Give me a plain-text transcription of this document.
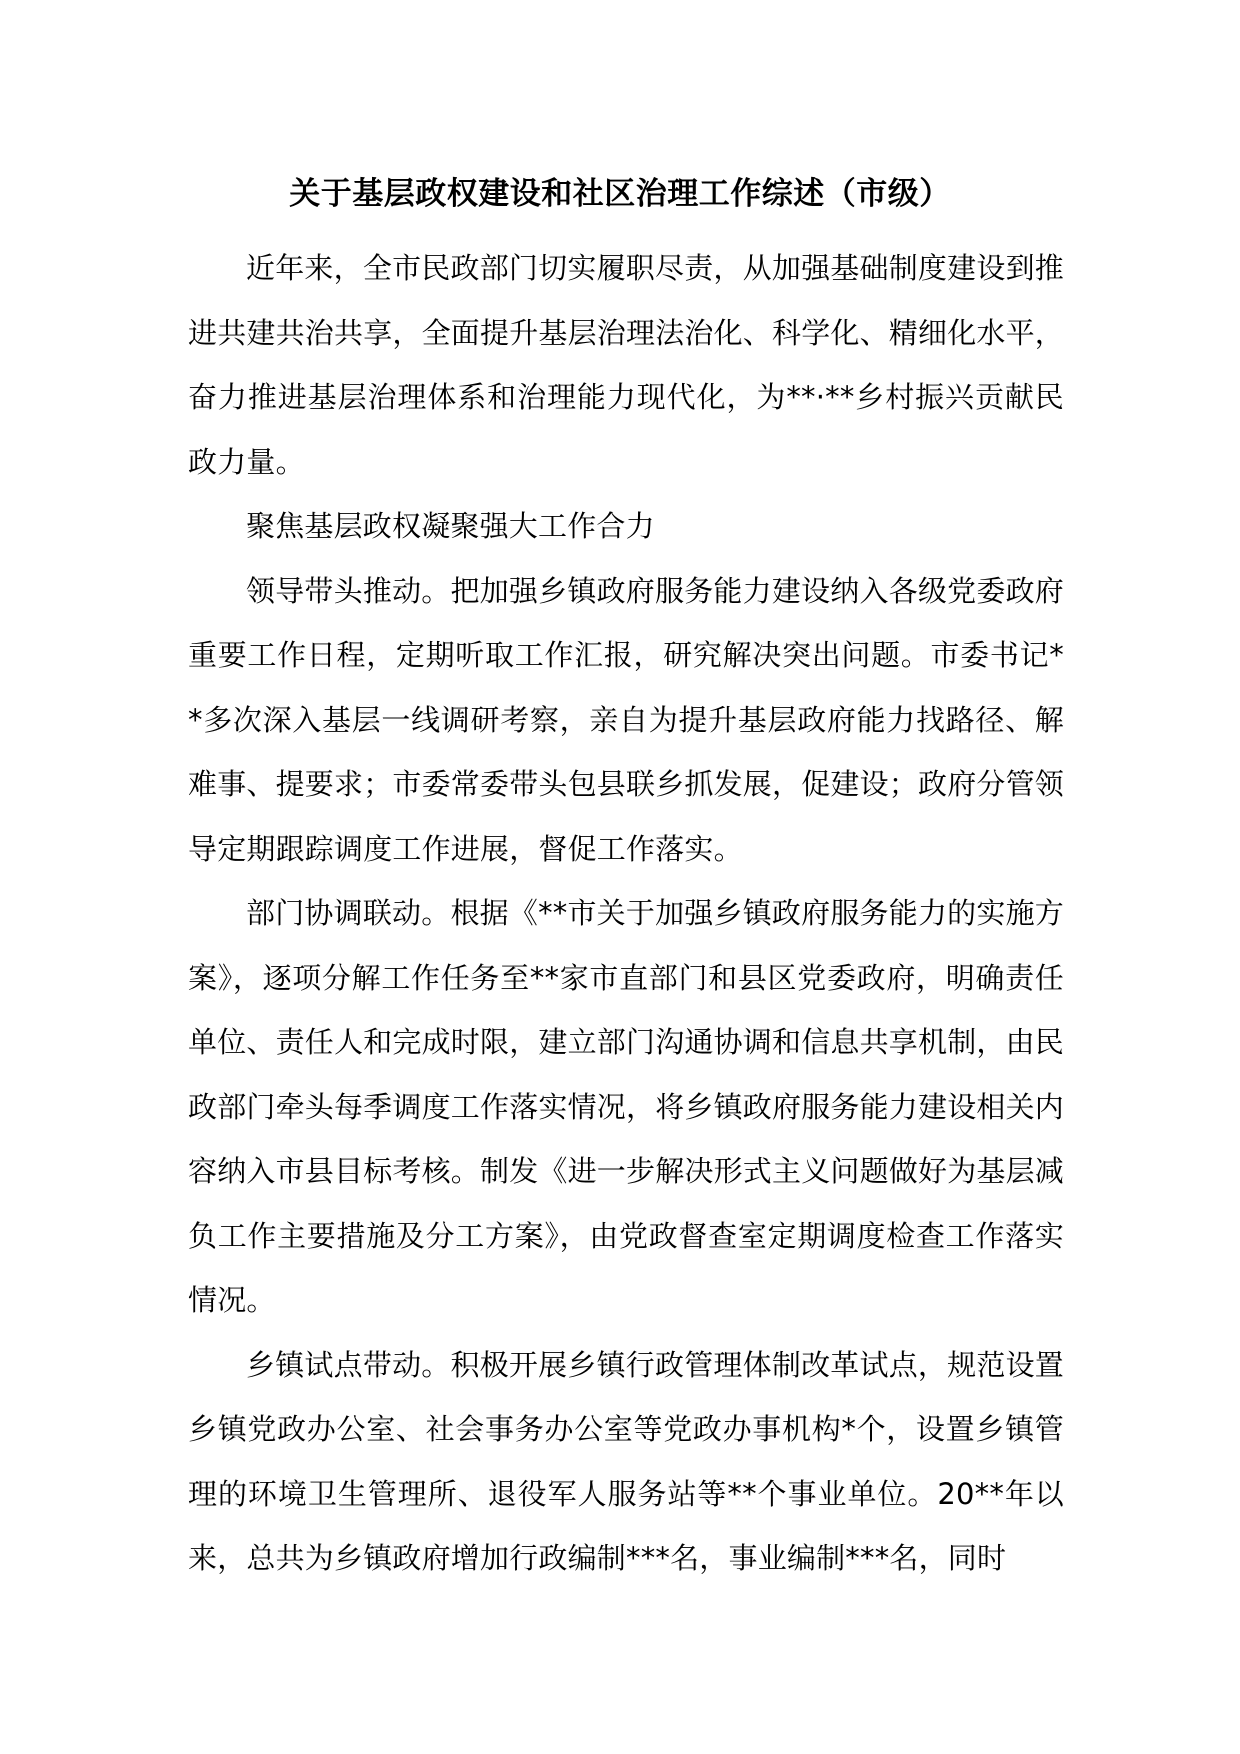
关于基层政权建设和社区治理工作综述（市级）

近年来，全市民政部门切实履职尽责，从加强基础制度建设到推进共建共治共享，全面提升基层治理法治化、科学化、精细化水平，奋力推进基层治理体系和治理能力现代化，为**·**乡村振兴贡献民政力量。

聚焦基层政权凝聚强大工作合力

领导带头推动。把加强乡镇政府服务能力建设纳入各级党委政府重要工作日程，定期听取工作汇报，研究解决突出问题。市委书记**多次深入基层一线调研考察，亲自为提升基层政府能力找路径、解难事、提要求；市委常委带头包县联乡抓发展，促建设；政府分管领导定期跟踪调度工作进展，督促工作落实。

部门协调联动。根据《**市关于加强乡镇政府服务能力的实施方案》，逐项分解工作任务至**家市直部门和县区党委政府，明确责任单位、责任人和完成时限，建立部门沟通协调和信息共享机制，由民政部门牵头每季调度工作落实情况，将乡镇政府服务能力建设相关内容纳入市县目标考核。制发《进一步解决形式主义问题做好为基层减负工作主要措施及分工方案》，由党政督查室定期调度检查工作落实情况。

乡镇试点带动。积极开展乡镇行政管理体制改革试点，规范设置乡镇党政办公室、社会事务办公室等党政办事机构*个，设置乡镇管理的环境卫生管理所、退役军人服务站等**个事业单位。20**年以来，总共为乡镇政府增加行政编制***名，事业编制***名，同时
